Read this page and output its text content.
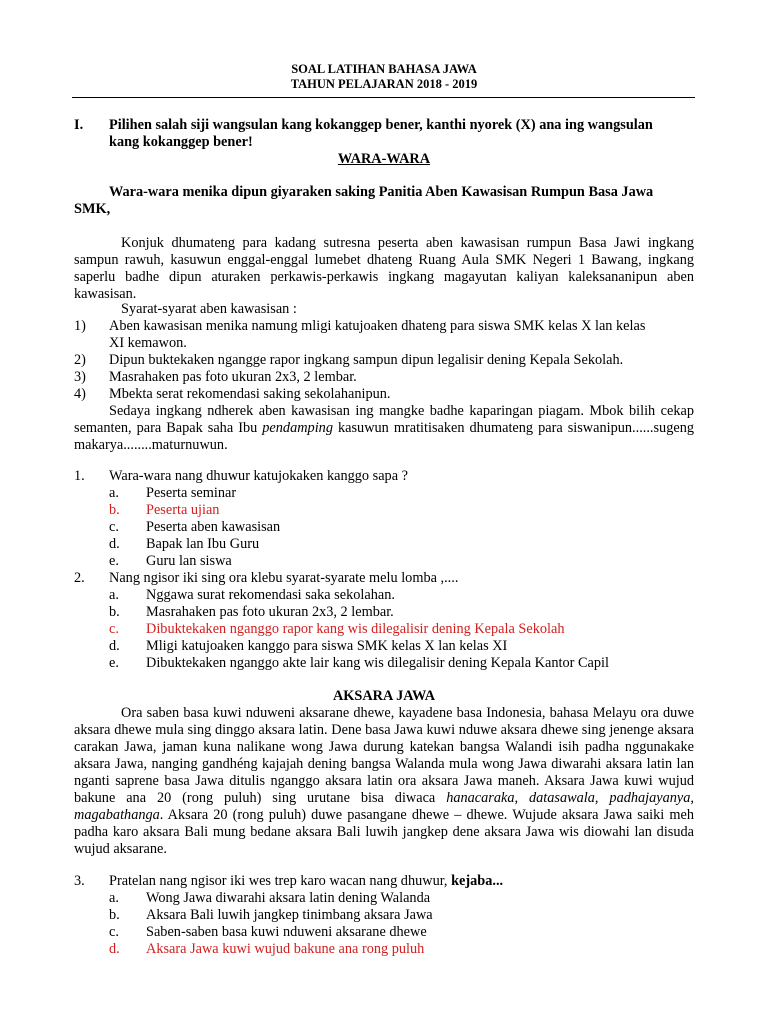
SOAL LATIHAN BAHASA JAWA
TAHUN PELAJARAN 2018 - 2019
I. Pilihen salah siji wangsulan kang kokanggep bener, kanthi nyorek (X) ana ing wangsulan
kang kokanggep bener!
WARA-WARA
Wara-wara menika dipun giyaraken saking Panitia Aben Kawasisan Rumpun Basa Jawa
SMK,

Konjuk dhumateng para kadang sutresna peserta aben kawasisan rumpun Basa Jawi ingkang sampun rawuh, kasuwun enggal-enggal lumebet dhateng Ruang Aula SMK Negeri 1 Bawang, ingkang saperlu badhe dipun aturaken perkawis-perkawis ingkang magayutan kaliyan kaleksananipun aben kawasisan.

Syarat-syarat aben kawasisan :
1) Aben kawasisan menika namung mligi katujoaken dhateng para siswa SMK kelas X lan kelas
XI kemawon.
2) Dipun buktekaken ngangge rapor ingkang sampun dipun legalisir dening Kepala Sekolah.
3) Masrahaken pas foto ukuran 2x3, 2 lembar.
4) Mbekta serat rekomendasi saking sekolahanipun.

Sedaya ingkang ndherek aben kawasisan ing mangke badhe kaparingan piagam. Mbok bilih cekap semanten, para Bapak saha Ibu pendamping kasuwun mratitisaken dhumateng para siswanipun......sugeng makarya........maturnuwun.

1. Wara-wara nang dhuwur katujokaken kanggo sapa ?
a. Peserta seminar
b. Peserta ujian
c. Peserta aben kawasisan
d. Bapak lan Ibu Guru
e. Guru lan siswa
2. Nang ngisor iki sing ora klebu syarat-syarate melu lomba ,....
a. Nggawa surat rekomendasi saka sekolahan.
b. Masrahaken pas foto ukuran 2x3, 2 lembar.
c. Dibuktekaken nganggo rapor kang wis dilegalisir dening Kepala Sekolah
d. Mligi katujoaken kanggo para siswa SMK kelas X lan kelas XI
e. Dibuktekaken nganggo akte lair kang wis dilegalisir dening Kepala Kantor Capil
AKSARA JAWA

Ora saben basa kuwi nduweni aksarane dhewe, kayadene basa Indonesia, bahasa Melayu ora duwe aksara dhewe mula sing dinggo aksara latin. Dene basa Jawa kuwi nduwe aksara dhewe sing jenenge aksara carakan Jawa, jaman kuna nalikane wong Jawa durung katekan bangsa Walandi isih padha nggunakake aksara Jawa, nanging gandhéng kajajah dening bangsa Walanda mula wong Jawa diwarahi aksara latin lan nganti saprene basa Jawa ditulis nganggo aksara latin ora aksara Jawa maneh. Aksara Jawa kuwi wujud bakune ana 20 (rong puluh) sing urutane bisa diwaca hanacaraka, datasawala, padhajayanya, magabathanga. Aksara 20 (rong puluh) duwe pasangane dhewe – dhewe. Wujude aksara Jawa saiki meh padha karo aksara Bali mung bedane aksara Bali luwih jangkep dene aksara Jawa wis diowahi lan disuda wujud aksarane.

3. Pratelan nang ngisor iki wes trep karo wacan nang dhuwur, kejaba...
a. Wong Jawa diwarahi aksara latin dening Walanda
b. Aksara Bali luwih jangkep tinimbang aksara Jawa
c. Saben-saben basa kuwi nduweni aksarane dhewe
d. Aksara Jawa kuwi wujud bakune ana rong puluh
